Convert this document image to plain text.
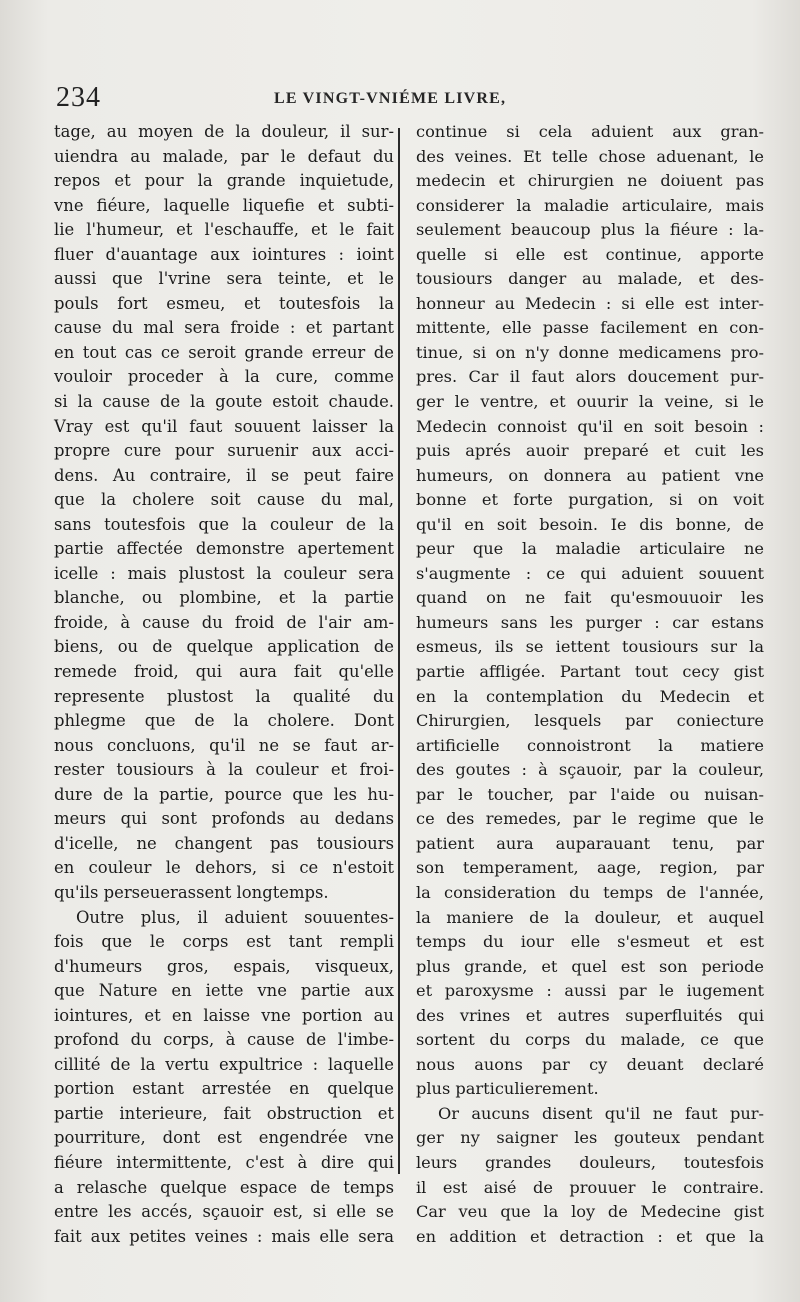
234	LE VINGT-VNIÉME LIVRE,
tage, au moyen de la douleur, il sur-
uiendra au malade, par le defaut du
repos et pour la grande inquietude,
vne fiéure, laquelle liquefie et subti-
lie l'humeur, et l'eschauffe, et le fait
fluer d'auantage aux iointures : ioint
aussi que l'vrine sera teinte, et le
pouls fort esmeu, et toutesfois la
cause du mal sera froide : et partant
en tout cas ce seroit grande erreur de
vouloir proceder à la cure, comme
si la cause de la goute estoit chaude.
Vray est qu'il faut souuent laisser la
propre cure pour suruenir aux acci-
dens. Au contraire, il se peut faire
que la cholere soit cause du mal,
sans toutesfois que la couleur de la
partie affectée demonstre apertement
icelle : mais plustost la couleur sera
blanche, ou plombine, et la partie
froide, à cause du froid de l'air am-
biens, ou de quelque application de
remede froid, qui aura fait qu'elle
represente plustost la qualité du
phlegme que de la cholere. Dont
nous concluons, qu'il ne se faut ar-
rester tousiours à la couleur et froi-
dure de la partie, pource que les hu-
meurs qui sont profonds au dedans
d'icelle, ne changent pas tousiours
en couleur le dehors, si ce n'estoit
qu'ils perseuerassent longtemps.
Outre plus, il aduient souuentes-
fois que le corps est tant rempli
d'humeurs gros, espais, visqueux,
que Nature en iette vne partie aux
iointures, et en laisse vne portion au
profond du corps, à cause de l'imbe-
cillité de la vertu expultrice : laquelle
portion estant arrestée en quelque
partie interieure, fait obstruction et
pourriture, dont est engendrée vne
fiéure intermittente, c'est à dire qui
a relasche quelque espace de temps
entre les accés, sçauoir est, si elle se
fait aux petites veines : mais elle sera
continue si cela aduient aux gran-
des veines. Et telle chose aduenant, le
medecin et chirurgien ne doiuent pas
considerer la maladie articulaire, mais
seulement beaucoup plus la fiéure : la-
quelle si elle est continue, apporte
tousiours danger au malade, et des-
honneur au Medecin : si elle est inter-
mittente, elle passe facilement en con-
tinue, si on n'y donne medicamens pro-
pres. Car il faut alors doucement pur-
ger le ventre, et ouurir la veine, si le
Medecin connoist qu'il en soit besoin :
puis aprés auoir preparé et cuit les
humeurs, on donnera au patient vne
bonne et forte purgation, si on voit
qu'il en soit besoin. Ie dis bonne, de
peur que la maladie articulaire ne
s'augmente : ce qui aduient souuent
quand on ne fait qu'esmouuoir les
humeurs sans les purger : car estans
esmeus, ils se iettent tousiours sur la
partie affligée. Partant tout cecy gist
en la contemplation du Medecin et
Chirurgien, lesquels par coniecture
artificielle connoistront la matiere
des goutes : à sçauoir, par la couleur,
par le toucher, par l'aide ou nuisan-
ce des remedes, par le regime que le
patient aura auparauant tenu, par
son temperament, aage, region, par
la consideration du temps de l'année,
la maniere de la douleur, et auquel
temps du iour elle s'esmeut et est
plus grande, et quel est son periode
et paroxysme : aussi par le iugement
des vrines et autres superfluités qui
sortent du corps du malade, ce que
nous auons par cy deuant declaré
plus particulierement.
Or aucuns disent qu'il ne faut pur-
ger ny saigner les gouteux pendant
leurs grandes douleurs, toutesfois
il est aisé de prouuer le contraire.
Car veu que la loy de Medecine gist
en addition et detraction : et que la
